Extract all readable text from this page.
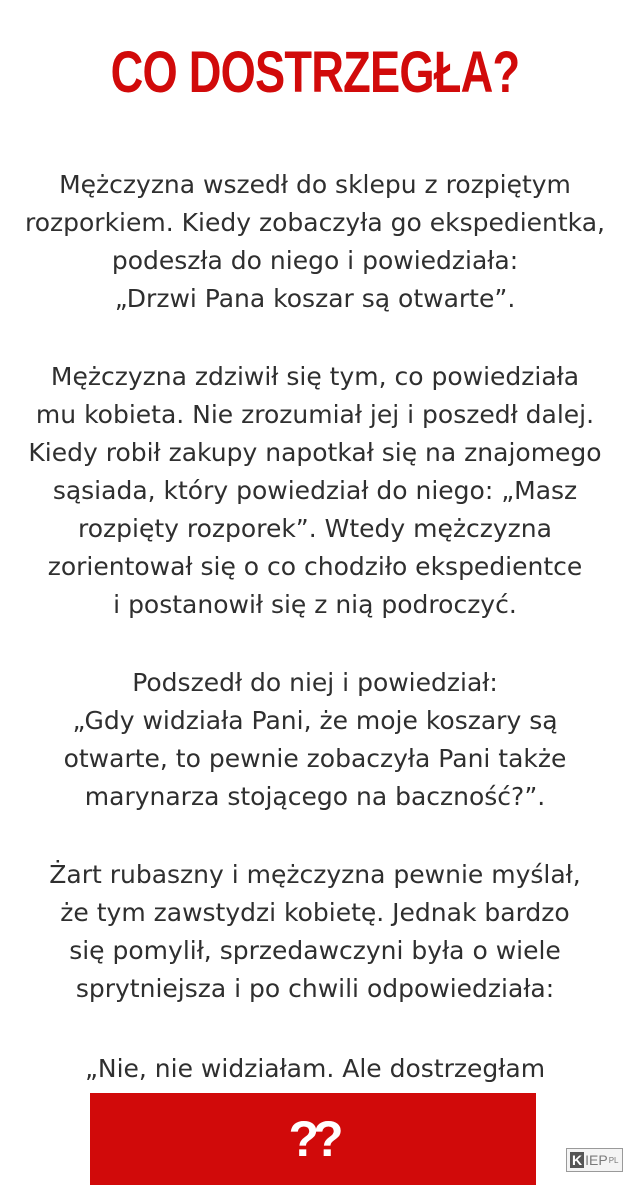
CO DOSTRZEGŁA?
Mężczyzna wszedł do sklepu z rozpiętym
rozporkiem. Kiedy zobaczyła go ekspedientka,
podeszła do niego i powiedziała:
„Drzwi Pana koszar są otwarte”.
Mężczyzna zdziwił się tym, co powiedziała
mu kobieta. Nie zrozumiał jej i poszedł dalej.
Kiedy robił zakupy napotkał się na znajomego
sąsiada, który powiedział do niego: „Masz
rozpięty rozporek”. Wtedy mężczyzna
zorientował się o co chodziło ekspedientce
i postanowił się z nią podroczyć.
Podszedł do niej i powiedział:
„Gdy widziała Pani, że moje koszary są
otwarte, to pewnie zobaczyła Pani także
marynarza stojącego na baczność?”.
Żart rubaszny i mężczyzna pewnie myślał,
że tym zawstydzi kobietę. Jednak bardzo
się pomylił, sprzedawczyni była o wiele
sprytniejsza i po chwili odpowiedziała:
„Nie, nie widziałam. Ale dostrzegłam
??	K IEP PL
